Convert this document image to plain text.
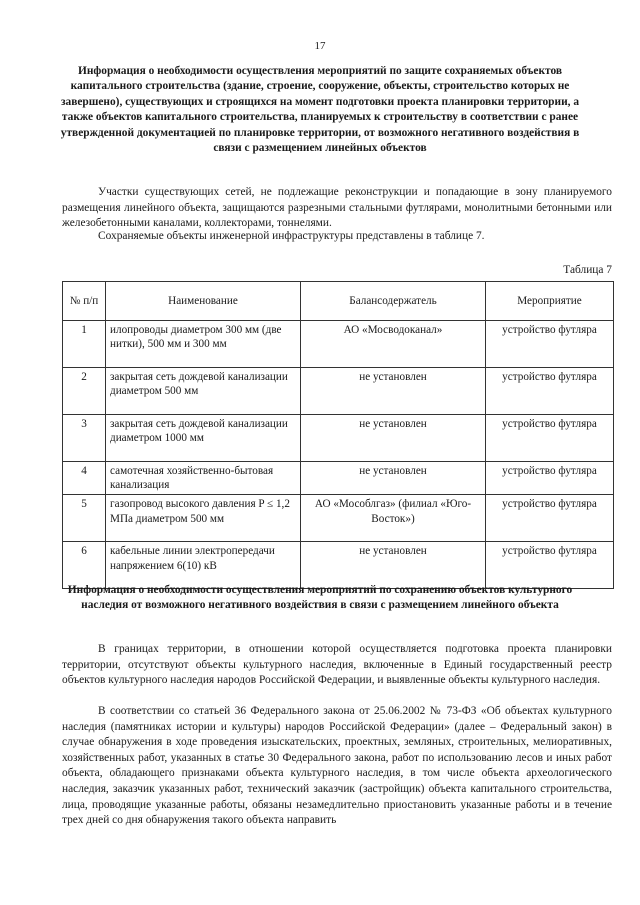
17
Информация о необходимости осуществления мероприятий по защите сохраняемых объектов капитального строительства (здание, строение, сооружение, объекты, строительство которых не завершено), существующих и строящихся на момент подготовки проекта планировки территории, а также объектов капитального строительства, планируемых к строительству в соответствии с ранее утвержденной документацией по планировке территории, от возможного негативного воздействия в связи с размещением линейных объектов
Участки существующих сетей, не подлежащие реконструкции и попадающие в зону планируемого размещения линейного объекта, защищаются разрезными стальными футлярами, монолитными бетонными или железобетонными каналами, коллекторами, тоннелями.
Сохраняемые объекты инженерной инфраструктуры представлены в таблице 7.
Таблица 7
№ п/п	Наименование	Балансодержатель	Мероприятие
1	илопроводы диаметром 300 мм (две нитки), 500 мм и 300 мм	АО «Мосводоканал»	устройство футляра
2	закрытая сеть дождевой канализации диаметром 500 мм	не установлен	устройство футляра
3	закрытая сеть дождевой канализации диаметром 1000 мм	не установлен	устройство футляра
4	самотечная хозяйственно-бытовая канализация	не установлен	устройство футляра
5	газопровод высокого давления P ≤ 1,2 МПа диаметром 500 мм	АО «Мособлгаз» (филиал «Юго-Восток»)	устройство футляра
6	кабельные линии электропередачи напряжением 6(10) кВ	не установлен	устройство футляра
Информация о необходимости осуществления мероприятий по сохранению объектов культурного наследия от возможного негативного воздействия в связи с размещением линейного объекта
В границах территории, в отношении которой осуществляется подготовка проекта планировки территории, отсутствуют объекты культурного наследия, включенные в Единый государственный реестр объектов культурного наследия народов Российской Федерации, и выявленные объекты культурного наследия.
В соответствии со статьей 36 Федерального закона от 25.06.2002 № 73-ФЗ «Об объектах культурного наследия (памятниках истории и культуры) народов Российской Федерации» (далее – Федеральный закон) в случае обнаружения в ходе проведения изыскательских, проектных, земляных, строительных, мелиоративных, хозяйственных работ, указанных в статье 30 Федерального закона, работ по использованию лесов и иных работ объекта, обладающего признаками объекта культурного наследия, в том числе объекта археологического наследия, заказчик указанных работ, технический заказчик (застройщик) объекта капитального строительства, лица, проводящие указанные работы, обязаны незамедлительно приостановить указанные работы и в течение трех дней со дня обнаружения такого объекта направить
